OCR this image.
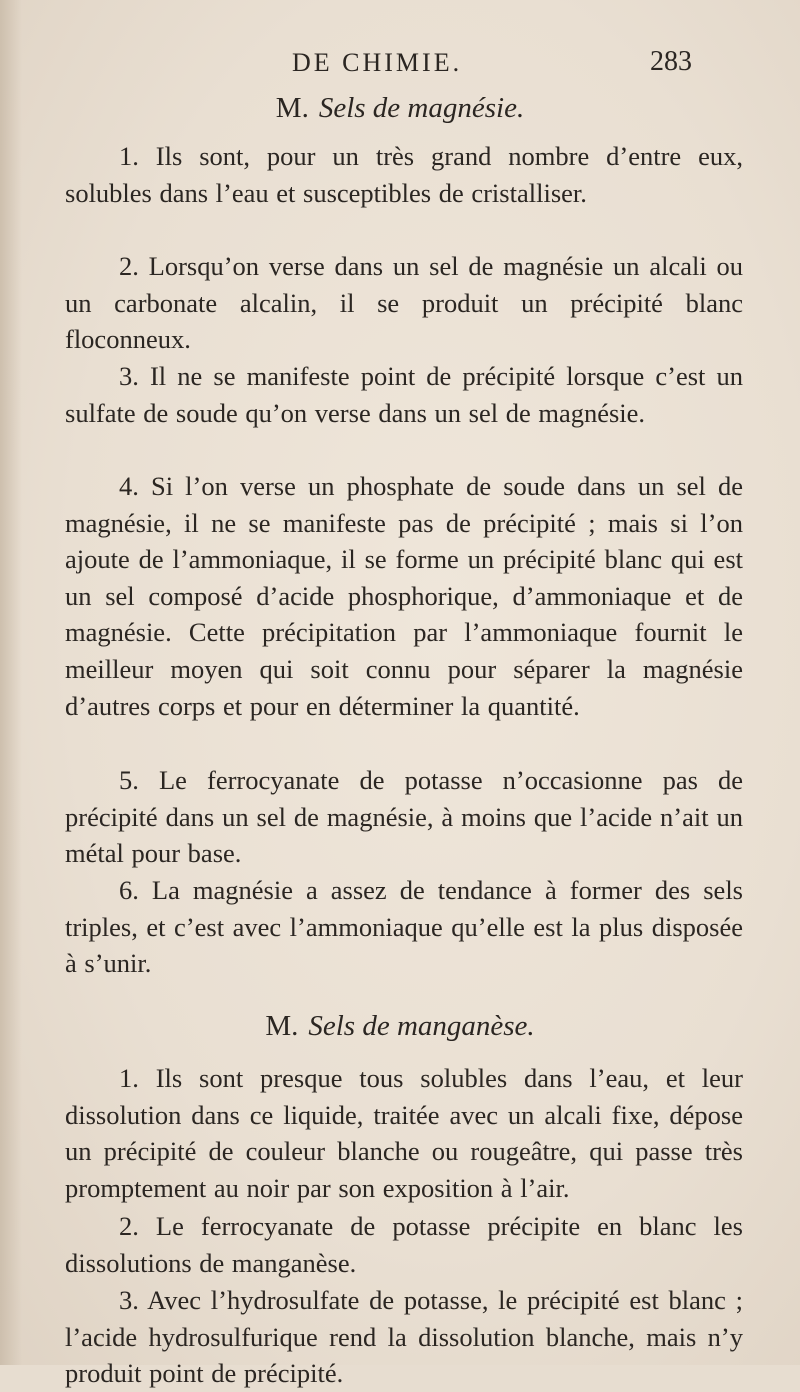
DE CHIMIE.	283
M. Sels de magnésie.

1. Ils sont, pour un très grand nombre d’entre eux, solubles dans l’eau et susceptibles de cristalliser.

2. Lorsqu’on verse dans un sel de magnésie un alcali ou un carbonate alcalin, il se produit un précipité blanc floconneux.

3. Il ne se manifeste point de précipité lorsque c’est un sulfate de soude qu’on verse dans un sel de magnésie.

4. Si l’on verse un phosphate de soude dans un sel de magnésie, il ne se manifeste pas de précipité ; mais si l’on ajoute de l’ammoniaque, il se forme un précipité blanc qui est un sel composé d’acide phosphorique, d’ammoniaque et de magnésie. Cette précipitation par l’ammoniaque fournit le meilleur moyen qui soit connu pour séparer la magnésie d’autres corps et pour en déterminer la quantité.

5. Le ferrocyanate de potasse n’occasionne pas de précipité dans un sel de magnésie, à moins que l’acide n’ait un métal pour base.

6. La magnésie a assez de tendance à former des sels triples, et c’est avec l’ammoniaque qu’elle est la plus disposée à s’unir.

M. Sels de manganèse.

1. Ils sont presque tous solubles dans l’eau, et leur dissolution dans ce liquide, traitée avec un alcali fixe, dépose un précipité de couleur blanche ou rougeâtre, qui passe très promptement au noir par son exposition à l’air.

2. Le ferrocyanate de potasse précipite en blanc les dissolutions de manganèse.

3. Avec l’hydrosulfate de potasse, le précipité est blanc ; l’acide hydrosulfurique rend la dissolution blanche, mais n’y produit point de précipité.
